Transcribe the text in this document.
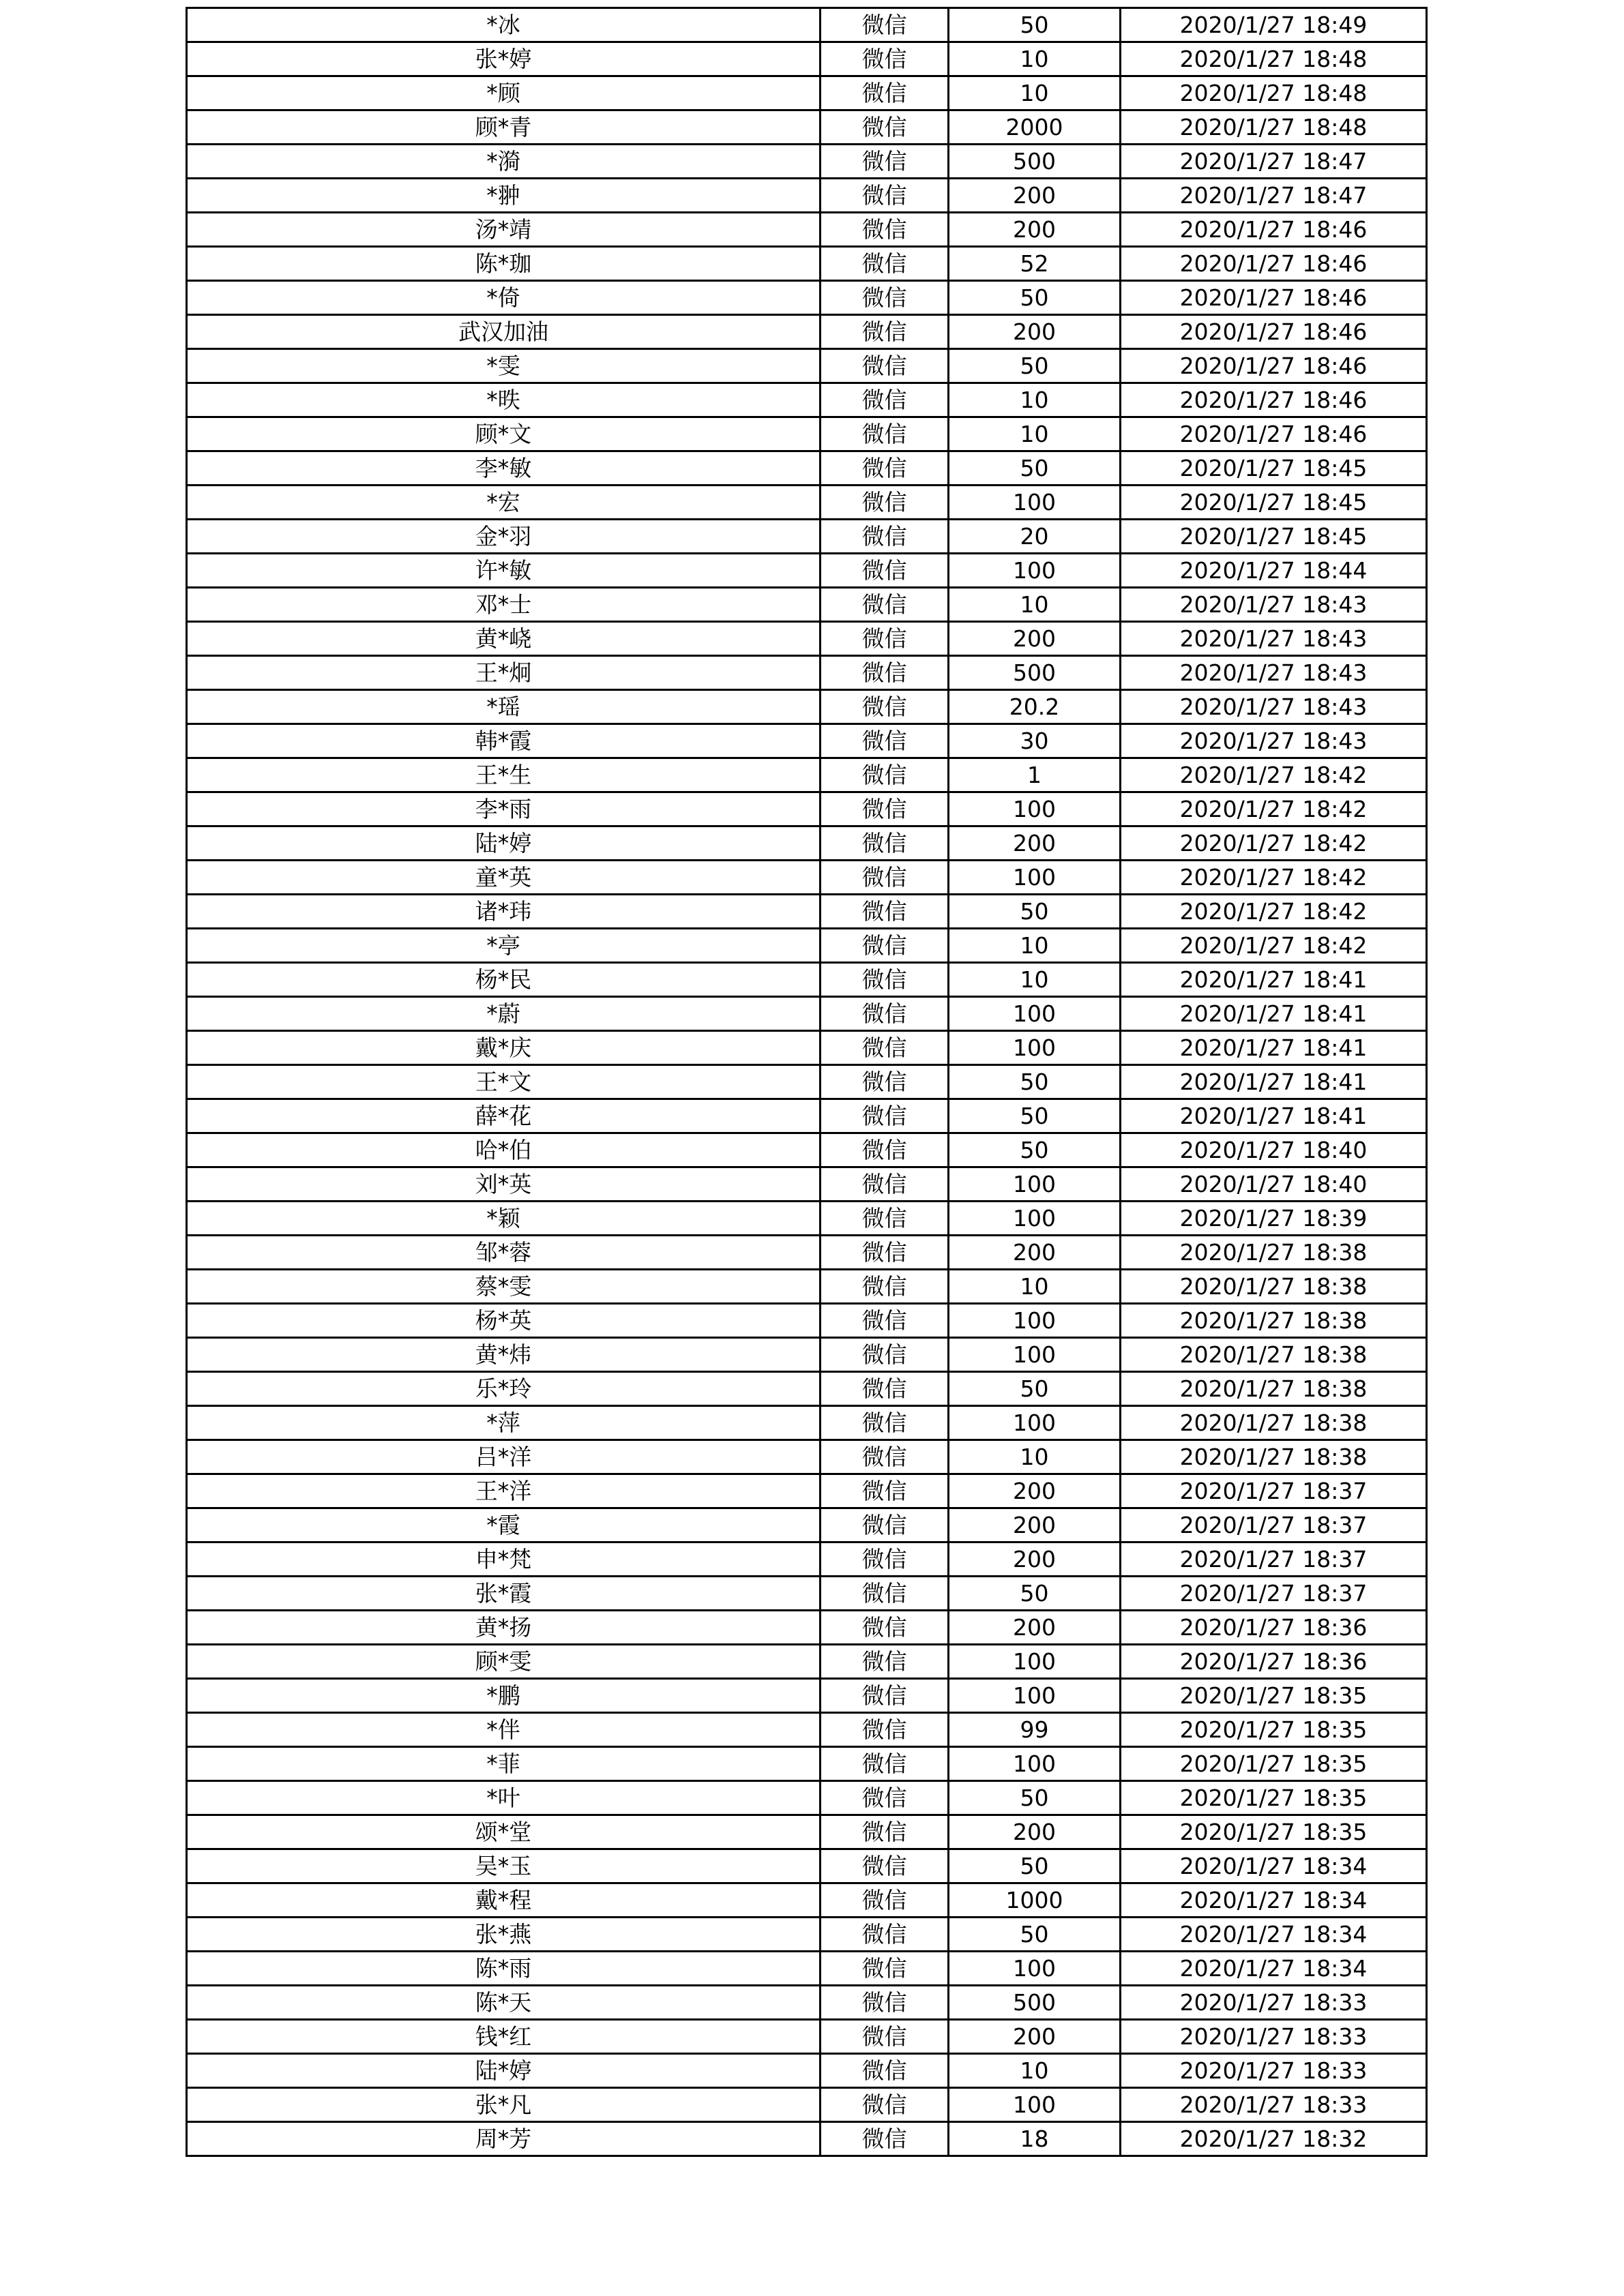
*冰	微信	50	2020/1/27 18:49
张*婷	微信	10	2020/1/27 18:48
*顾	微信	10	2020/1/27 18:48
顾*青	微信	2000	2020/1/27 18:48
*漪	微信	500	2020/1/27 18:47
*翀	微信	200	2020/1/27 18:47
汤*靖	微信	200	2020/1/27 18:46
陈*珈	微信	52	2020/1/27 18:46
*倚	微信	50	2020/1/27 18:46
武汉加油	微信	200	2020/1/27 18:46
*雯	微信	50	2020/1/27 18:46
*昳	微信	10	2020/1/27 18:46
顾*文	微信	10	2020/1/27 18:46
李*敏	微信	50	2020/1/27 18:45
*宏	微信	100	2020/1/27 18:45
金*羽	微信	20	2020/1/27 18:45
许*敏	微信	100	2020/1/27 18:44
邓*士	微信	10	2020/1/27 18:43
黄*峣	微信	200	2020/1/27 18:43
王*炯	微信	500	2020/1/27 18:43
*瑶	微信	20.2	2020/1/27 18:43
韩*霞	微信	30	2020/1/27 18:43
王*生	微信	1	2020/1/27 18:42
李*雨	微信	100	2020/1/27 18:42
陆*婷	微信	200	2020/1/27 18:42
童*英	微信	100	2020/1/27 18:42
诸*玮	微信	50	2020/1/27 18:42
*亭	微信	10	2020/1/27 18:42
杨*民	微信	10	2020/1/27 18:41
*蔚	微信	100	2020/1/27 18:41
戴*庆	微信	100	2020/1/27 18:41
王*文	微信	50	2020/1/27 18:41
薛*花	微信	50	2020/1/27 18:41
哈*伯	微信	50	2020/1/27 18:40
刘*英	微信	100	2020/1/27 18:40
*颖	微信	100	2020/1/27 18:39
邹*蓉	微信	200	2020/1/27 18:38
蔡*雯	微信	10	2020/1/27 18:38
杨*英	微信	100	2020/1/27 18:38
黄*炜	微信	100	2020/1/27 18:38
乐*玲	微信	50	2020/1/27 18:38
*萍	微信	100	2020/1/27 18:38
吕*洋	微信	10	2020/1/27 18:38
王*洋	微信	200	2020/1/27 18:37
*霞	微信	200	2020/1/27 18:37
申*梵	微信	200	2020/1/27 18:37
张*霞	微信	50	2020/1/27 18:37
黄*扬	微信	200	2020/1/27 18:36
顾*雯	微信	100	2020/1/27 18:36
*鹏	微信	100	2020/1/27 18:35
*伴	微信	99	2020/1/27 18:35
*菲	微信	100	2020/1/27 18:35
*叶	微信	50	2020/1/27 18:35
颂*堂	微信	200	2020/1/27 18:35
吴*玉	微信	50	2020/1/27 18:34
戴*程	微信	1000	2020/1/27 18:34
张*燕	微信	50	2020/1/27 18:34
陈*雨	微信	100	2020/1/27 18:34
陈*天	微信	500	2020/1/27 18:33
钱*红	微信	200	2020/1/27 18:33
陆*婷	微信	10	2020/1/27 18:33
张*凡	微信	100	2020/1/27 18:33
周*芳	微信	18	2020/1/27 18:32
